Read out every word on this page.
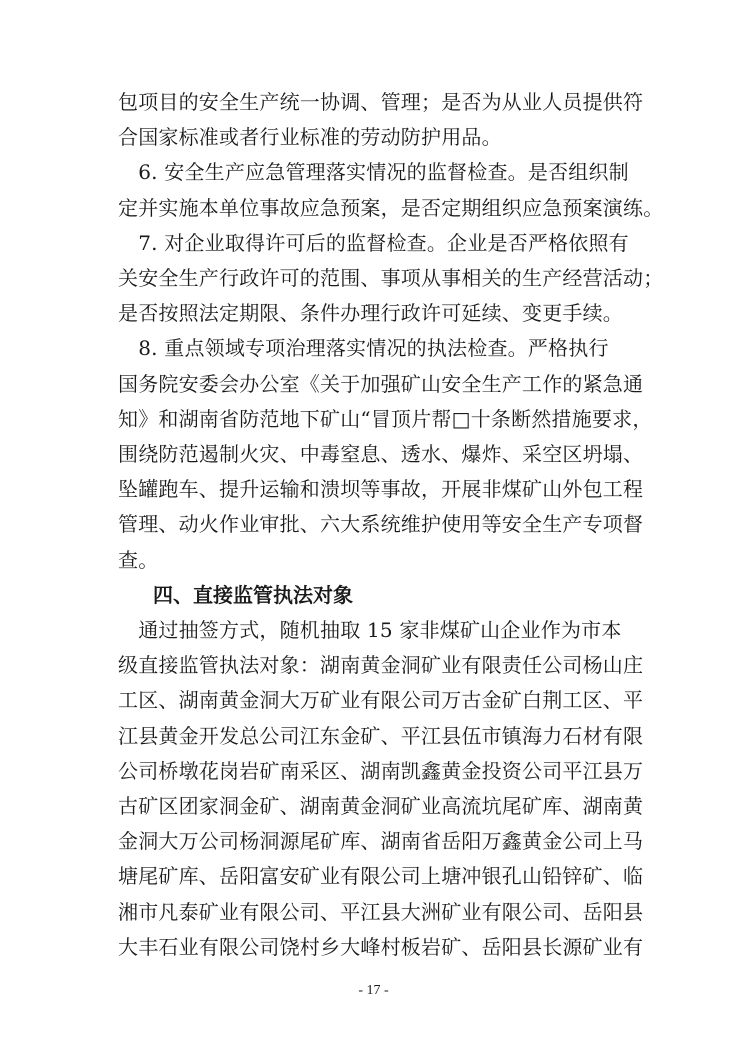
包项目的安全生产统一协调、管理；是否为从业人员提供符
合国家标准或者行业标准的劳动防护用品。
　6. 安全生产应急管理落实情况的监督检查。是否组织制
定并实施本单位事故应急预案，是否定期组织应急预案演练。
　7. 对企业取得许可后的监督检查。企业是否严格依照有
关安全生产行政许可的范围、事项从事相关的生产经营活动；
是否按照法定期限、条件办理行政许可延续、变更手续。
　8. 重点领域专项治理落实情况的执法检查。严格执行
国务院安委会办公室《关于加强矿山安全生产工作的紧急通
知》和湖南省防范地下矿山“冒顶片帮□十条断然措施要求，
围绕防范遏制火灾、中毒窒息、透水、爆炸、采空区坍塌、
坠罐跑车、提升运输和溃坝等事故，开展非煤矿山外包工程
管理、动火作业审批、六大系统维护使用等安全生产专项督
查。
四、直接监管执法对象
　通过抽签方式，随机抽取 15 家非煤矿山企业作为市本
级直接监管执法对象：湖南黄金洞矿业有限责任公司杨山庄
工区、湖南黄金洞大万矿业有限公司万古金矿白荆工区、平
江县黄金开发总公司江东金矿、平江县伍市镇海力石材有限
公司桥墩花岗岩矿南采区、湖南凯鑫黄金投资公司平江县万
古矿区团家洞金矿、湖南黄金洞矿业高流坑尾矿库、湖南黄
金洞大万公司杨洞源尾矿库、湖南省岳阳万鑫黄金公司上马
塘尾矿库、岳阳富安矿业有限公司上塘冲银孔山铅锌矿、临
湘市凡泰矿业有限公司、平江县大洲矿业有限公司、岳阳县
大丰石业有限公司饶村乡大峰村板岩矿、岳阳县长源矿业有
- 17 -
